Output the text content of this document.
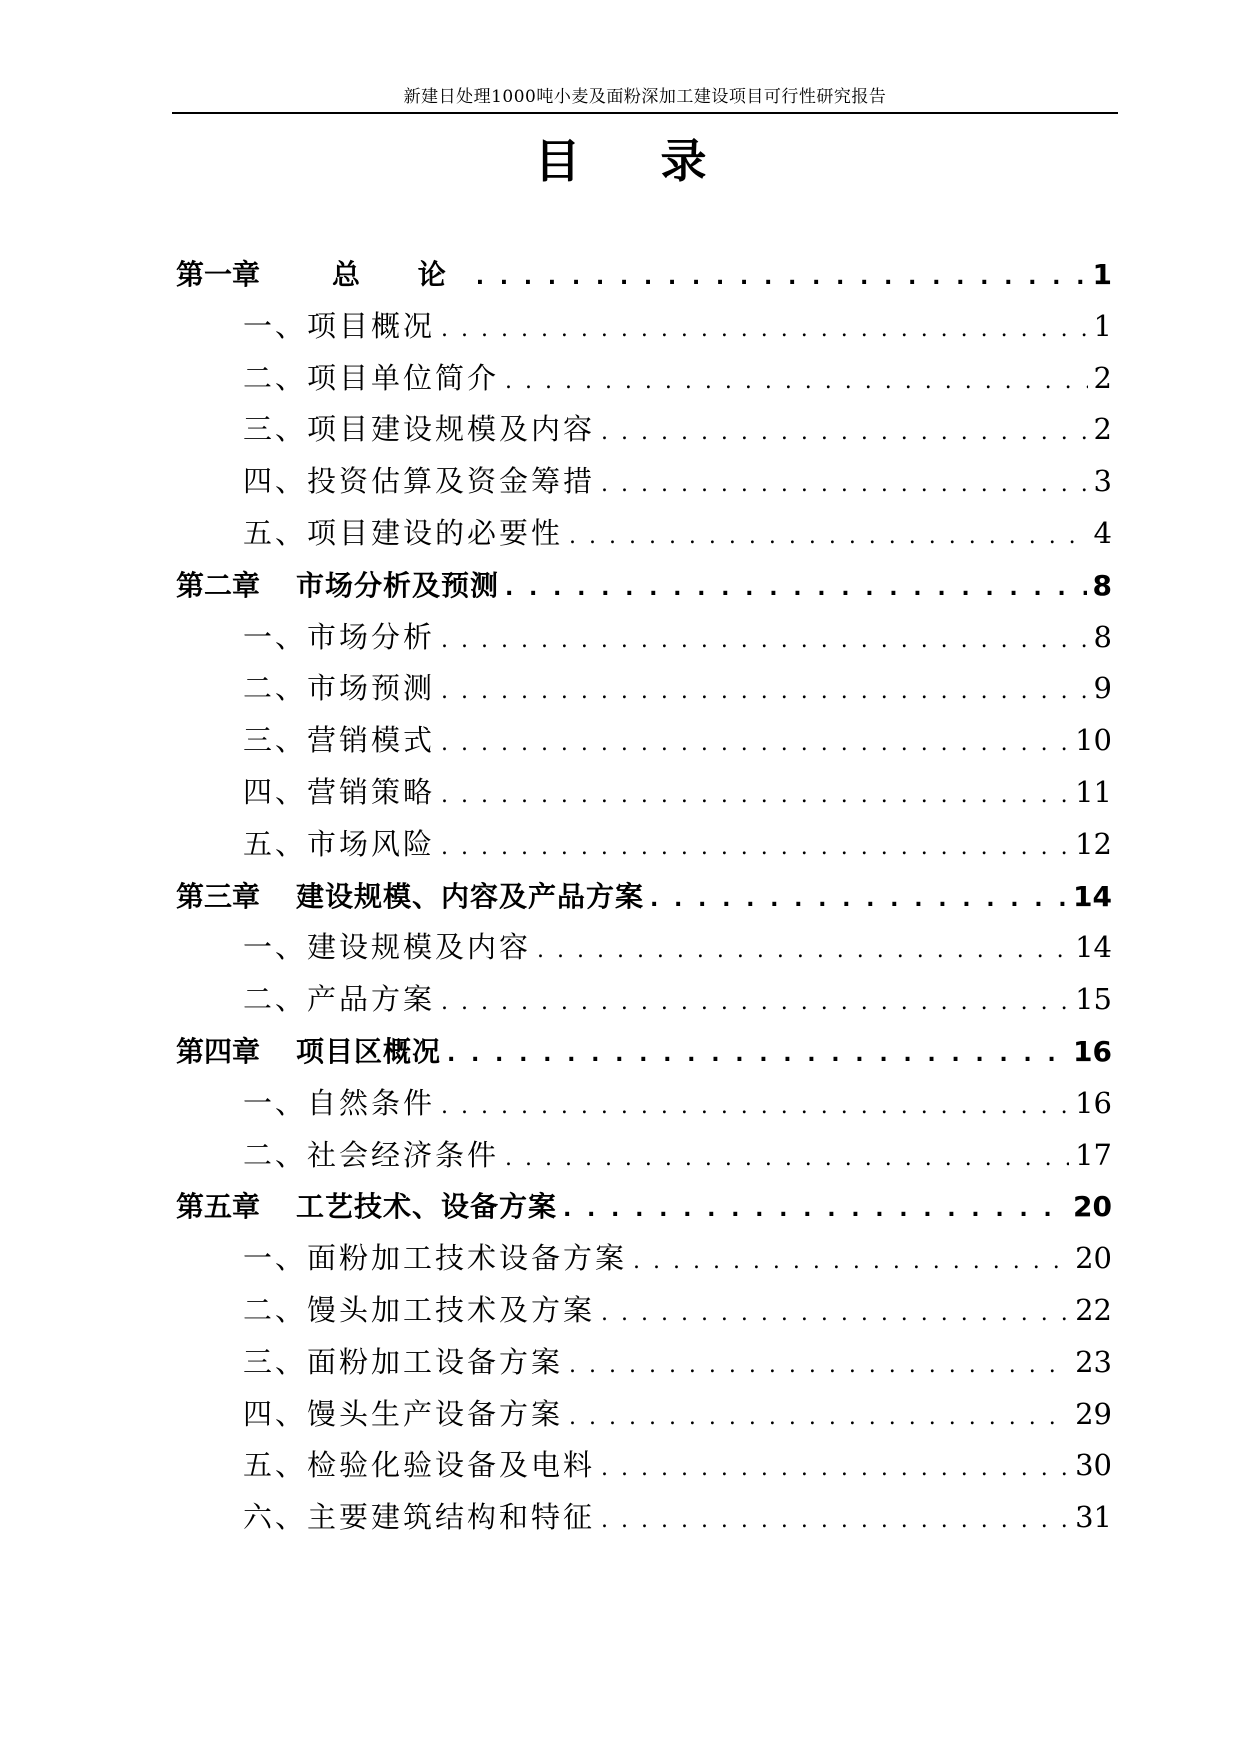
新建日处理1000吨小麦及面粉深加工建设项目可行性研究报告
目录
第一章	总 论 . . .	1
一、项目概况 . . .	1
二、项目单位简介 . . .	2
三、项目建设规模及内容 . . .	2
四、投资估算及资金筹措 . . .	3
五、项目建设的必要性 . . .	4
第二章	市场分析及预测 . . .	8
一、市场分析 . . .	8
二、市场预测 . . .	9
三、营销模式 . . .	10
四、营销策略 . . .	11
五、市场风险 . . .	12
第三章	建设规模、内容及产品方案 . . .	14
一、建设规模及内容 . . .	14
二、产品方案 . . .	15
第四章	项目区概况 . . .	16
一、自然条件 . . .	16
二、社会经济条件 . . .	17
第五章	工艺技术、设备方案 . . .	20
一、面粉加工技术设备方案 . . .	20
二、馒头加工技术及方案 . . .	22
三、面粉加工设备方案 . . .	23
四、馒头生产设备方案 . . .	29
五、检验化验设备及电料 . . .	30
六、主要建筑结构和特征 . . .	31
